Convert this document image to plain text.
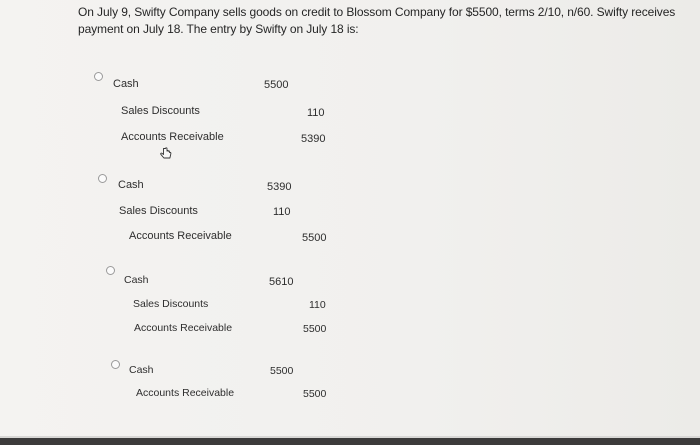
On July 9, Swifty Company sells goods on credit to Blossom Company for $5500, terms 2/10, n/60. Swifty receives payment on July 18. The entry by Swifty on July 18 is:
Cash	5500
Sales Discounts	110
Accounts Receivable	5390
Cash	5390
Sales Discounts	110
Accounts Receivable	5500
Cash	5610
Sales Discounts	110
Accounts Receivable	5500
Cash	5500
Accounts Receivable	5500
